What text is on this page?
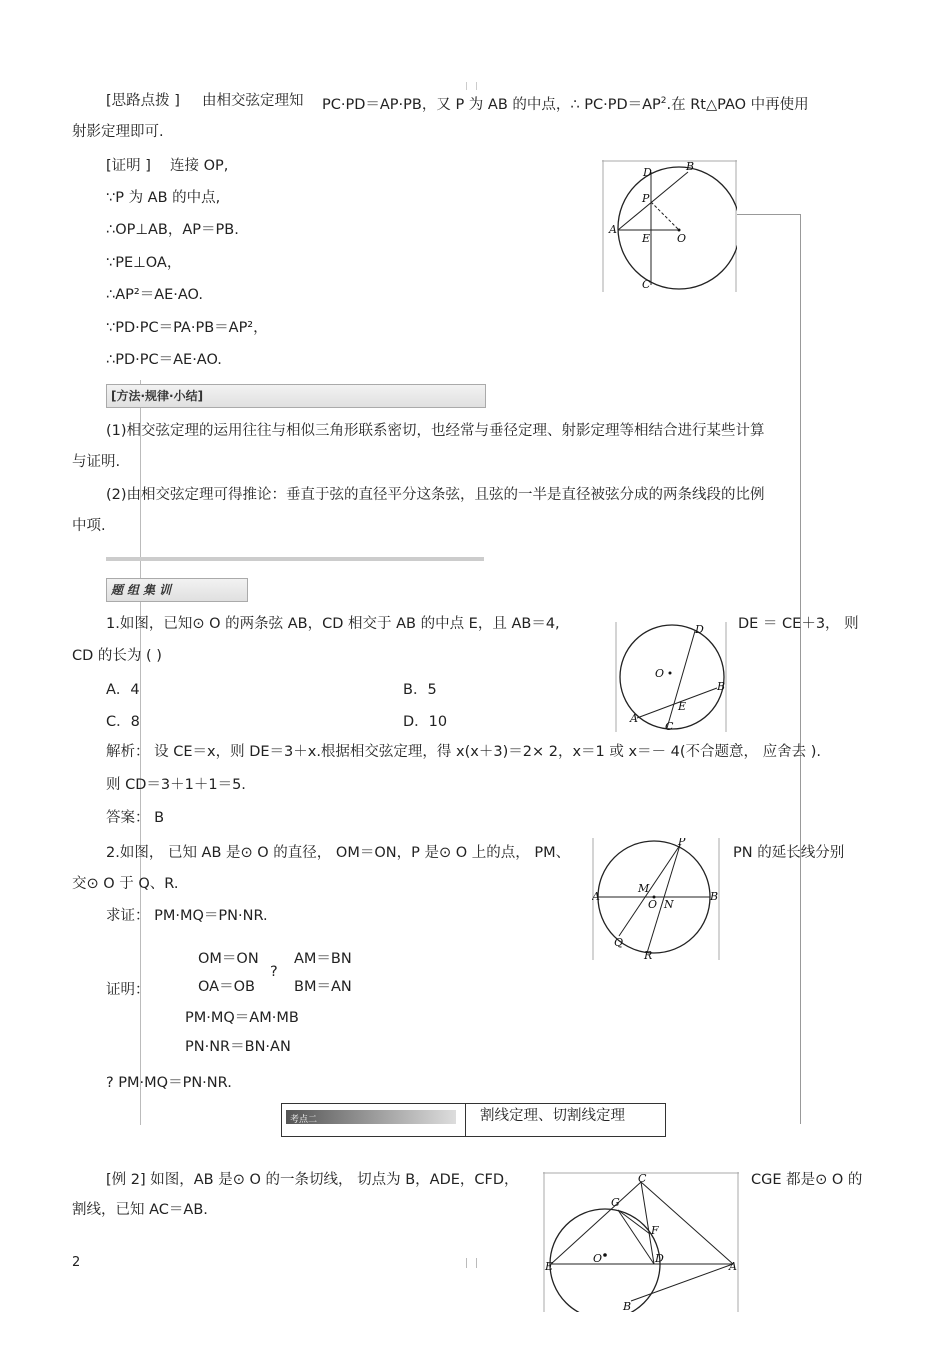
[思路点拨 ] 由相交弦定理知 PC·PD＝AP·PB，又 P 为 AB 的中点，∴ $PC\cdot PD=AP^2$.在 Rt△PAO 中再使用
射影定理即可.
[证明 ] 连接 OP,
∵P 为 AB 的中点,
∴OP⊥AB，AP＝PB.
∵PE⊥OA，
∴AP²＝AE·AO.
∵PD·PC＝PA·PB＝AP²，
∴PD·PC＝AE·AO.
A
B
D
P
E O
C
[方法·规律·小结]
(1)相交弦定理的运用往往与相似三角形联系密切，也经常与垂径定理、射影定理等相结合进行某些计算
与证明.
(2)由相交弦定理可得推论：垂直于弦的直径平分这条弦，且弦的一半是直径被弦分成的两条线段的比例
中项.
题组集训
1.如图，已知⊙ O 的两条弦 AB，CD 相交于 AB 的中点 E，且 AB＝4,	DE ＝ CE＋3， 则
CD 的长为 ( )
A．4	B．5
C．8	D．10
O
D
B
E
A
C
解析： 设 CE＝x，则 DE＝3＋x.根据相交弦定理，得 x(x＋3)＝2× 2，x＝1 或 x＝－ 4(不合题意， 应舍去 ).
则 CD＝3＋1＋1＝5.
答案： B
2.如图， 已知 AB 是⊙ O 的直径， OM＝ON，P 是⊙ O 上的点， PM、	PN 的延长线分别
交⊙ O 于 Q、R.
求证： PM·MQ＝PN·NR.
P
A	B
M
O N
Q
R
OM＝ON
OA＝OB
证明：
?
AM＝BN
BM＝AN
PM·MQ＝AM·MB
PN·NR＝BN·AN
? PM·MQ＝PN·NR.
考点二	割线定理、切割线定理
[例 2] 如图，AB 是⊙ O 的一条切线， 切点为 B，ADE，CFD，	CGE 都是⊙ O 的
割线，已知 AC＝AB.
C
G
F
O	D
E	A
B
2
